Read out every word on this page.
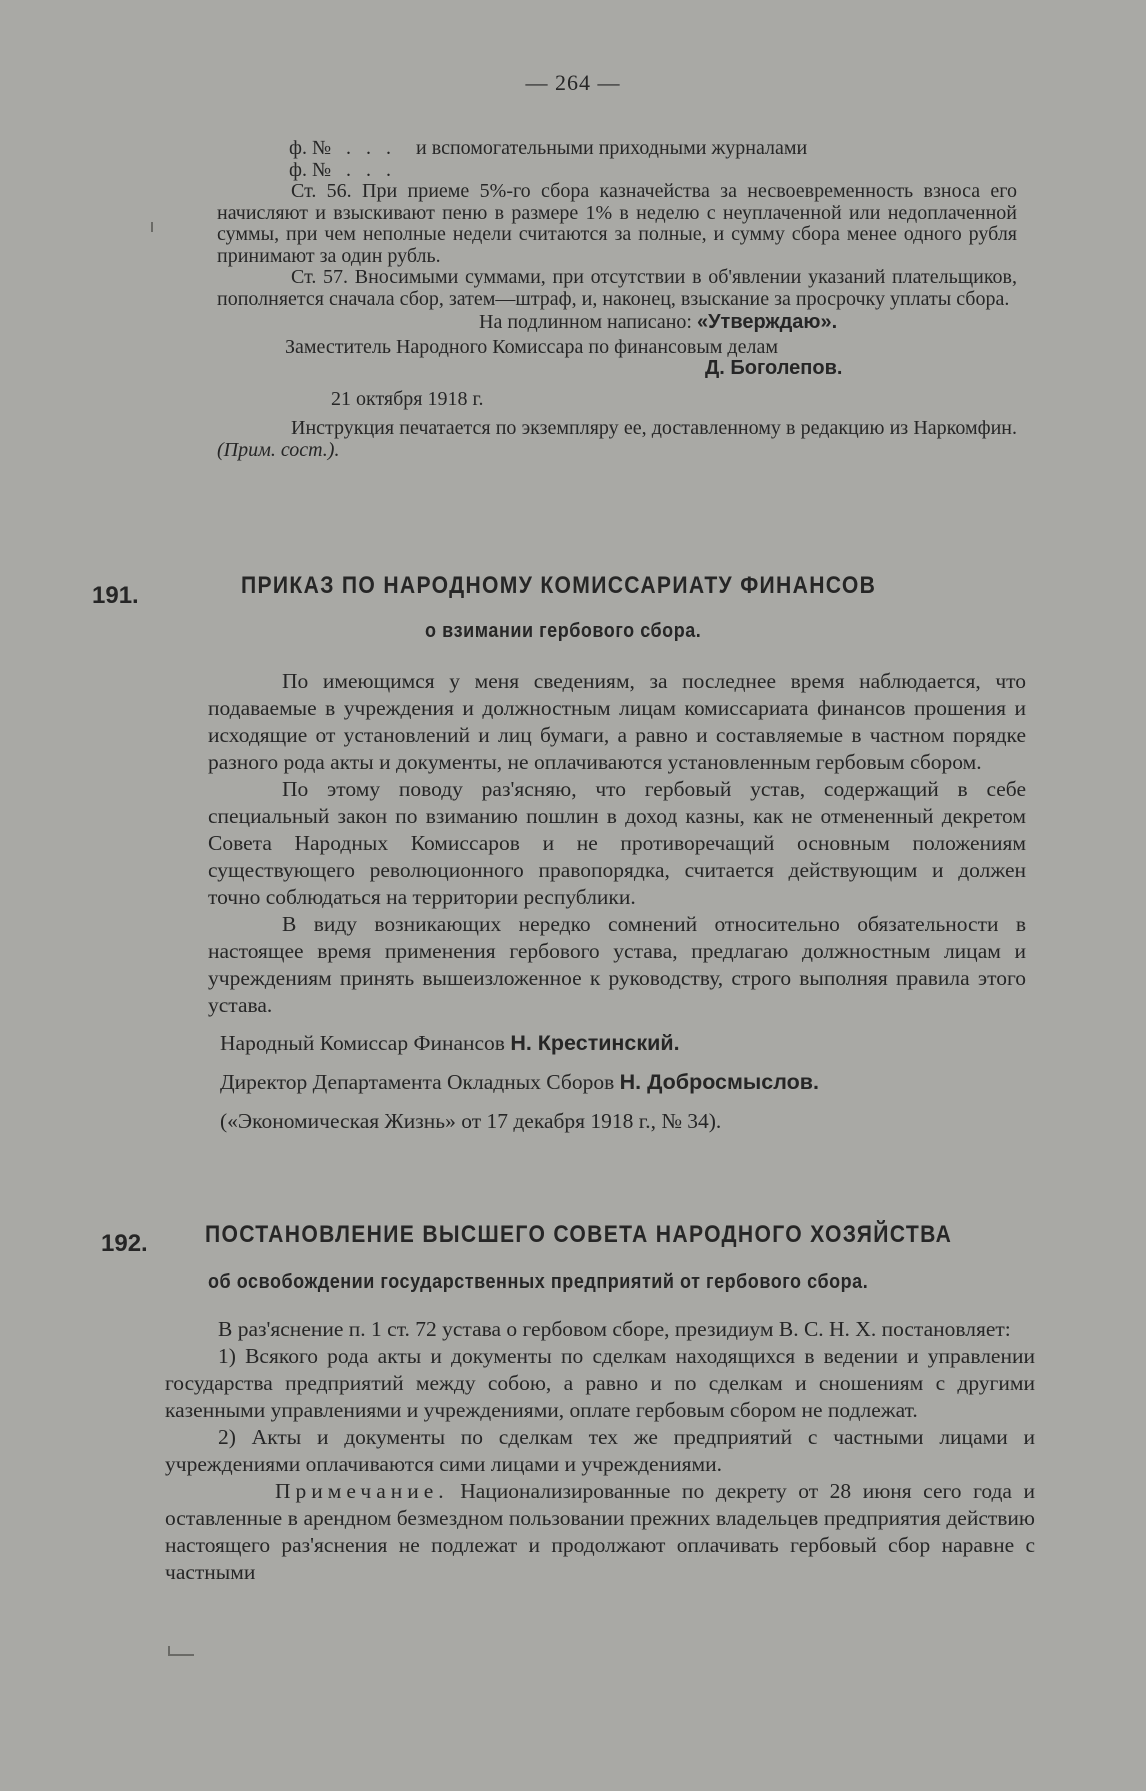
— 264 —
ф. №   .   .   .     и вспомогательными приходными журналами
ф. №   .   .   .

Ст. 56. При приеме 5%-го сбора казначейства за несвоевременность взноса его начисляют и взыскивают пеню в размере 1% в неделю с неуплаченной или недоплаченной суммы, при чем неполные недели считаются за полные, и сумму сбора менее одного рубля принимают за один рубль.

Ст. 57. Вносимыми суммами, при отсутствии в об'явлении указаний плательщиков, пополняется сначала сбор, затем—штраф, и, наконец, взыскание за просрочку уплаты сбора.

На подлинном написано: «Утверждаю».
Заместитель Народного Комиссара по финансовым делам
Д. Боголепов.
21 октября 1918 г.

Инструкция печатается по экземпляру ее, доставленному в редакцию из Наркомфин. (Прим. сост.).

191.	ПРИКАЗ ПО НАРОДНОМУ КОМИССАРИАТУ ФИНАНСОВ
о взимании гербового сбора.

По имеющимся у меня сведениям, за последнее время наблюдается, что подаваемые в учреждения и должностным лицам комиссариата финансов прошения и исходящие от установлений и лиц бумаги, а равно и составляемые в частном порядке разного рода акты и документы, не оплачиваются установленным гербовым сбором.

По этому поводу раз'ясняю, что гербовый устав, содержащий в себе специальный закон по взиманию пошлин в доход казны, как не отмененный декретом Совета Народных Комиссаров и не противоречащий основным положениям существующего революционного правопорядка, считается действующим и должен точно соблюдаться на территории республики.

В виду возникающих нередко сомнений относительно обязательности в настоящее время применения гербового устава, предлагаю должностным лицам и учреждениям принять вышеизложенное к руководству, строго выполняя правила этого устава.

Народный Комиссар Финансов Н. Крестинский.
Директор Департамента Окладных Сборов Н. Добросмыслов.
(«Экономическая Жизнь» от 17 декабря 1918 г., № 34).
192. ПОСТАНОВЛЕНИЕ ВЫСШЕГО СОВЕТА НАРОДНОГО ХОЗЯЙСТВА
об освобождении государственных предприятий от гербового сбора.

В раз'яснение п. 1 ст. 72 устава о гербовом сборе, президиум В. С. Н. Х. постановляет:

1) Всякого рода акты и документы по сделкам находящихся в ведении и управлении государства предприятий между собою, а равно и по сделкам и сношениям с другими казенными управлениями и учреждениями, оплате гербовым сбором не подлежат.

2) Акты и документы по сделкам тех же предприятий с частными лицами и учреждениями оплачиваются сими лицами и учреждениями.

Примечание. Национализированные по декрету от 28 июня сего года и оставленные в арендном безмездном пользовании прежних владельцев предприятия действию настоящего раз'яснения не подлежат и продолжают оплачивать гербовый сбор наравне с частными
